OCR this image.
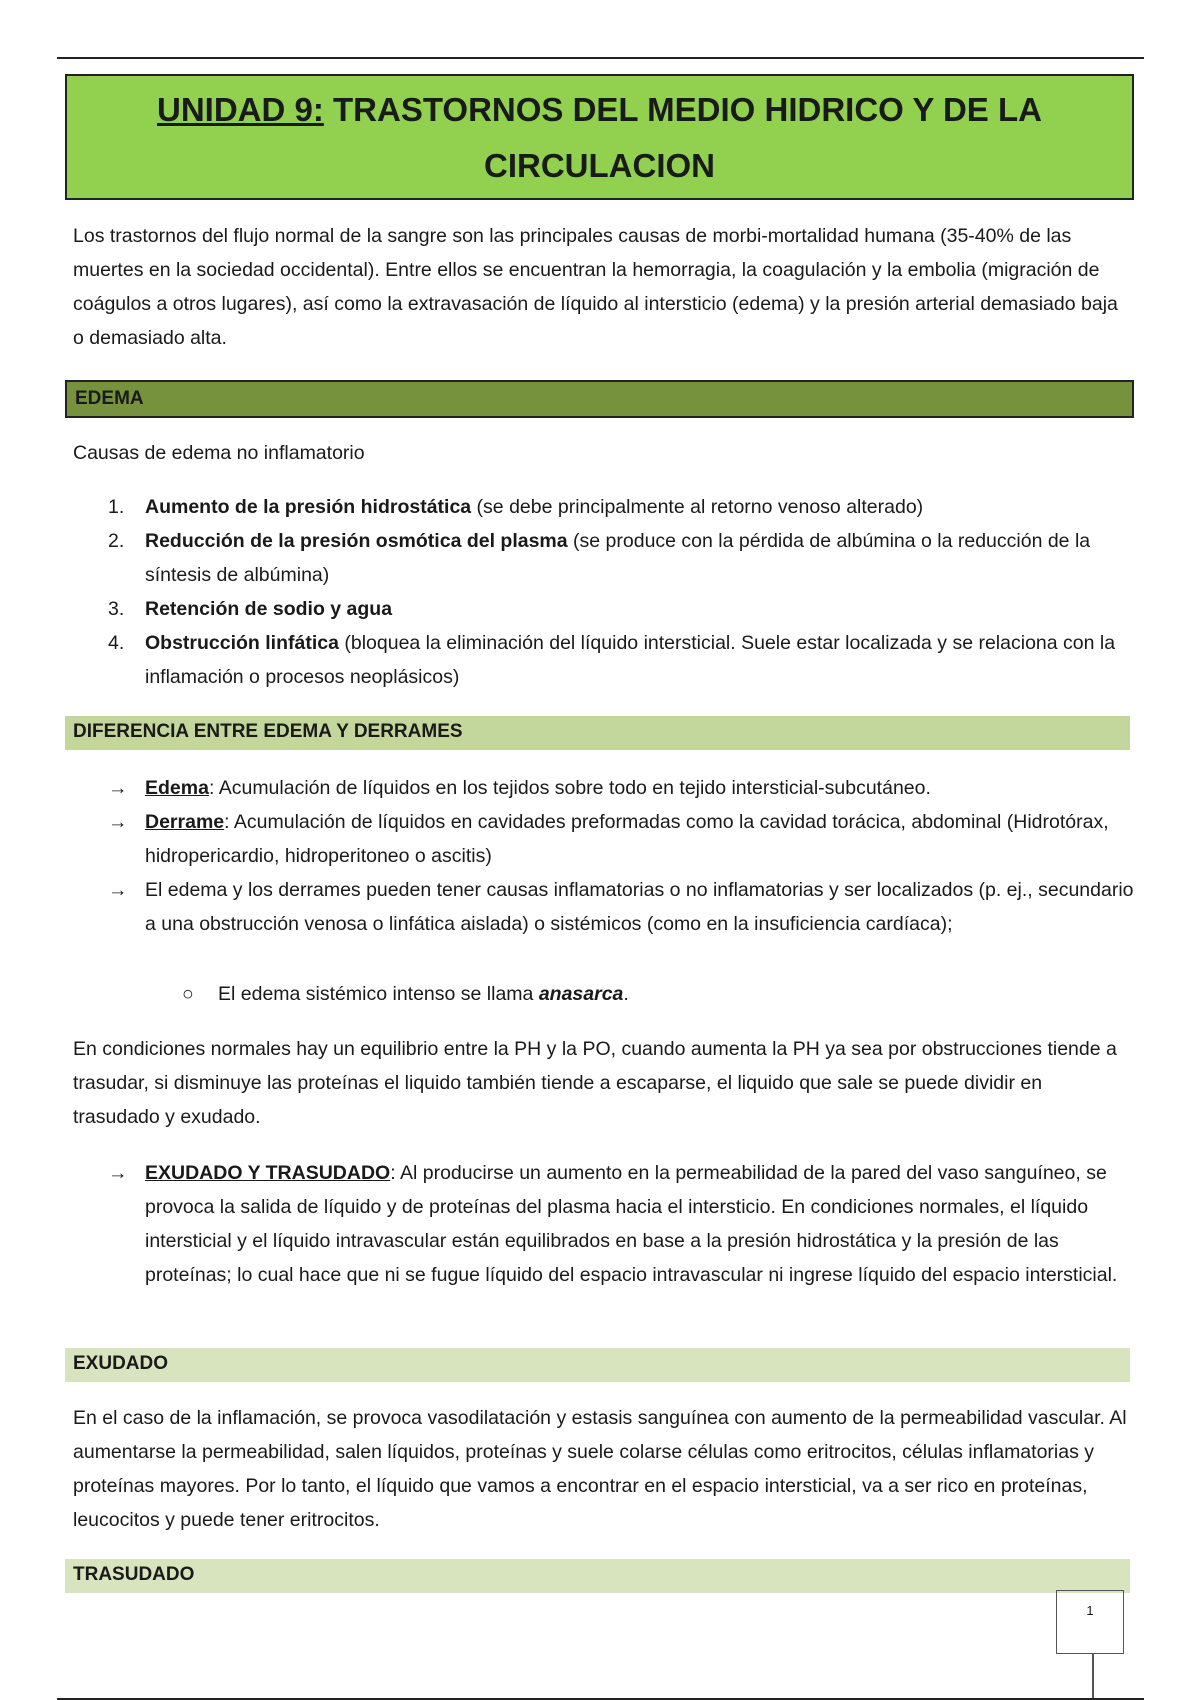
UNIDAD 9: TRASTORNOS DEL MEDIO HIDRICO Y DE LA
CIRCULACION
Los trastornos del flujo normal de la sangre son las principales causas de morbi-mortalidad humana (35-40% de las muertes en la sociedad occidental). Entre ellos se encuentran la hemorragia, la coagulación y la embolia (migración de coágulos a otros lugares), así como la extravasación de líquido al intersticio (edema) y la presión arterial demasiado baja o demasiado alta.
EDEMA
Causas de edema no inflamatorio
1. Aumento de la presión hidrostática (se debe principalmente al retorno venoso alterado)
2. Reducción de la presión osmótica del plasma (se produce con la pérdida de albúmina o la reducción de la síntesis de albúmina)
3. Retención de sodio y agua
4. Obstrucción linfática (bloquea la eliminación del líquido intersticial. Suele estar localizada y se relaciona con la inflamación o procesos neoplásicos)
DIFERENCIA ENTRE EDEMA Y DERRAMES
→ Edema: Acumulación de líquidos en los tejidos sobre todo en tejido intersticial-subcutáneo.
→ Derrame: Acumulación de líquidos en cavidades preformadas como la cavidad torácica, abdominal (Hidrotórax, hidropericardio, hidroperitoneo o ascitis)
→ El edema y los derrames pueden tener causas inflamatorias o no inflamatorias y ser localizados (p. ej., secundario a una obstrucción venosa o linfática aislada) o sistémicos (como en la insuficiencia cardíaca);
○ El edema sistémico intenso se llama anasarca.
En condiciones normales hay un equilibrio entre la PH y la PO, cuando aumenta la PH ya sea por obstrucciones tiende a trasudar, si disminuye las proteínas el liquido también tiende a escaparse, el liquido que sale se puede dividir en trasudado y exudado.
→ EXUDADO Y TRASUDADO: Al producirse un aumento en la permeabilidad de la pared del vaso sanguíneo, se provoca la salida de líquido y de proteínas del plasma hacia el intersticio. En condiciones normales, el líquido intersticial y el líquido intravascular están equilibrados en base a la presión hidrostática y la presión de las proteínas; lo cual hace que ni se fugue líquido del espacio intravascular ni ingrese líquido del espacio intersticial.
EXUDADO
En el caso de la inflamación, se provoca vasodilatación y estasis sanguínea con aumento de la permeabilidad vascular. Al aumentarse la permeabilidad, salen líquidos, proteínas y suele colarse células como eritrocitos, células inflamatorias y proteínas mayores. Por lo tanto, el líquido que vamos a encontrar en el espacio intersticial, va a ser rico en proteínas, leucocitos y puede tener eritrocitos.
TRASUDADO
1
